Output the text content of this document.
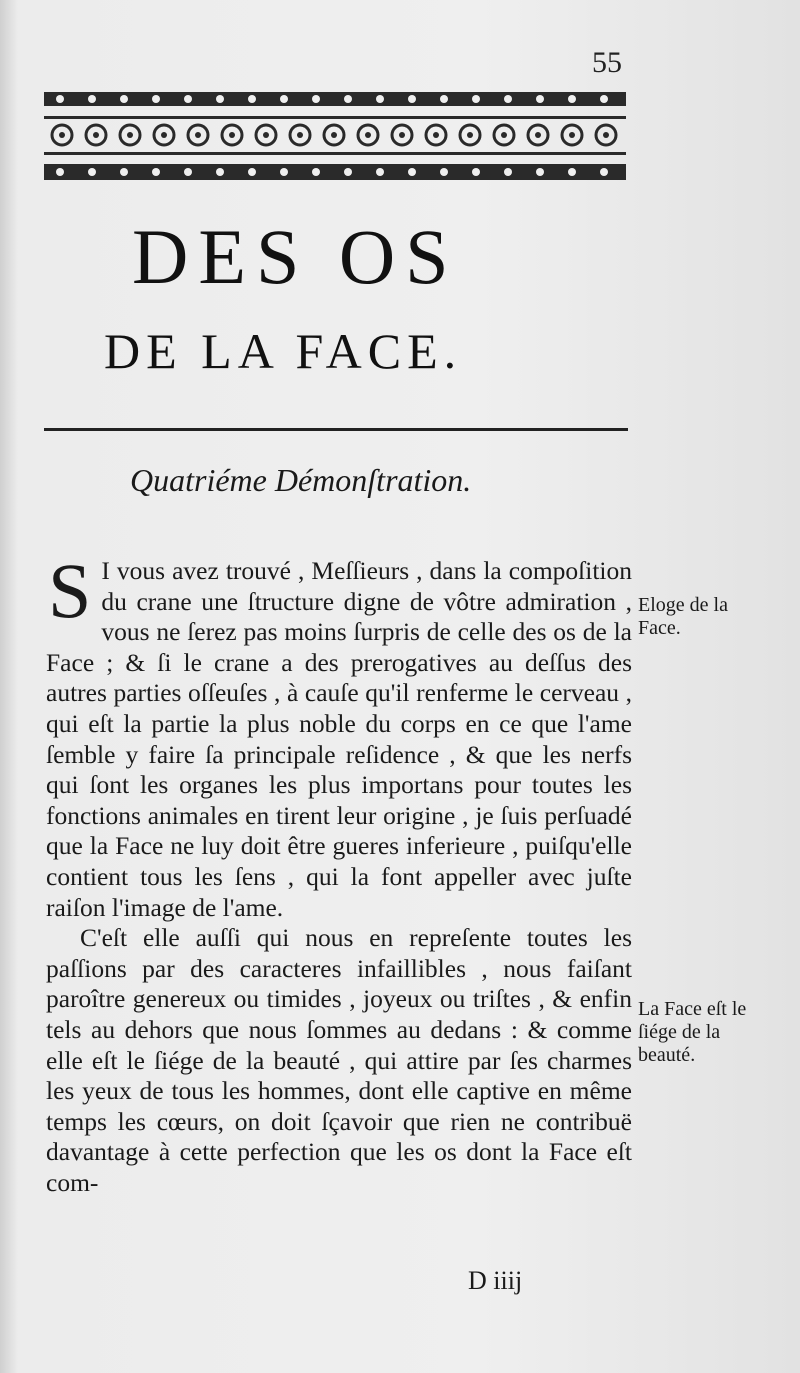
55
DES OS
DE LA FACE.
Quatriéme Démonſtration.

S I vous avez trouvé , Meſſieurs , dans la compoſition du crane une ſtructure digne de vôtre admiration , vous ne ſerez pas moins ſurpris de celle des os de la Face ; & ſi le crane a des prerogatives au deſſus des autres parties oſſeuſes , à cauſe qu'il renferme le cerveau , qui eſt la partie la plus noble du corps en ce que l'ame ſemble y faire ſa principale reſidence , & que les nerfs qui ſont les organes les plus importans pour toutes les fonctions animales en tirent leur origine , je ſuis perſuadé que la Face ne luy doit être gueres inferieure , puiſqu'elle contient tous les ſens , qui la font appeller avec juſte raiſon l'image de l'ame.

C'eſt elle auſſi qui nous en repreſente toutes les paſſions par des caracteres infaillibles , nous faiſant paroître genereux ou timides , joyeux ou triſtes , & enfin tels au dehors que nous ſommes au dedans : & comme elle eſt le ſiége de la beauté , qui attire par ſes charmes les yeux de tous les hommes, dont elle captive en même temps les cœurs, on doit ſçavoir que rien ne contribuë davantage à cette perfection que les os dont la Face eſt com-

Eloge de la Face.
La Face eſt le ſiége de la beauté.
D iiij
